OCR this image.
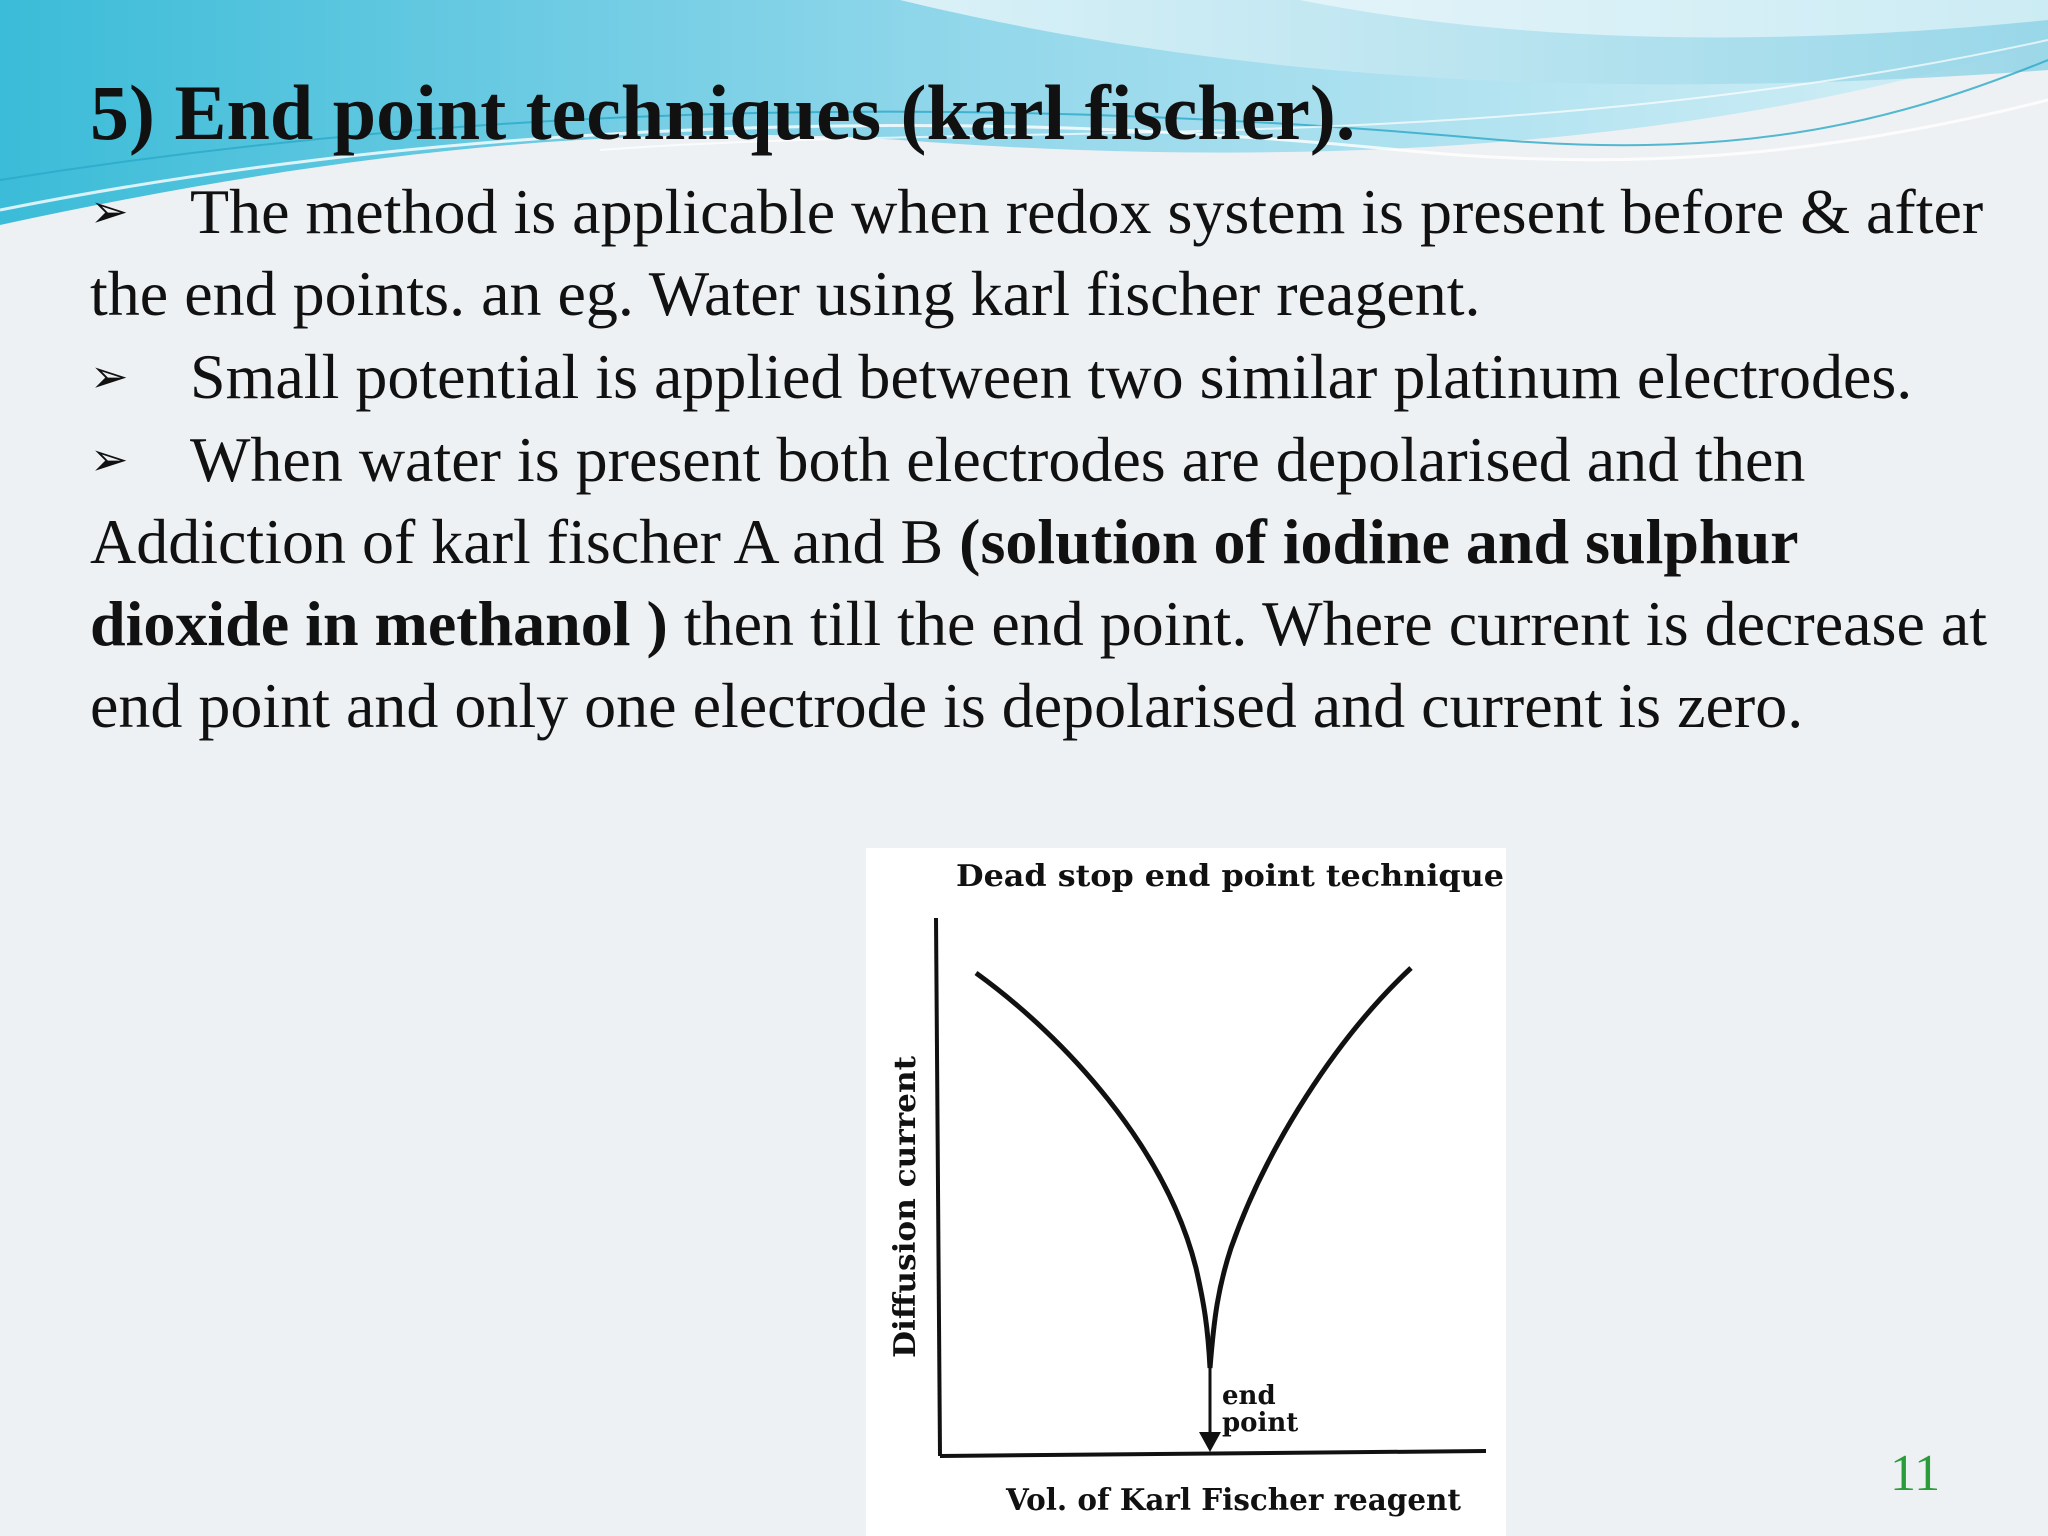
5) End point techniques (karl fischer).

➢ The method is applicable when redox system is present before & after the end points. an eg. Water using karl fischer reagent.

➢ Small potential is applied between two similar platinum electrodes.

➢ When water is present both electrodes are depolarised and then Addiction of karl fischer A and B (solution of iodine and sulphur dioxide in methanol ) then till the end point. Where current is decrease at end point and only one electrode is depolarised and current is zero.

Dead stop end point technique
end
point
Diffusion current
Vol. of Karl Fischer reagent	11
